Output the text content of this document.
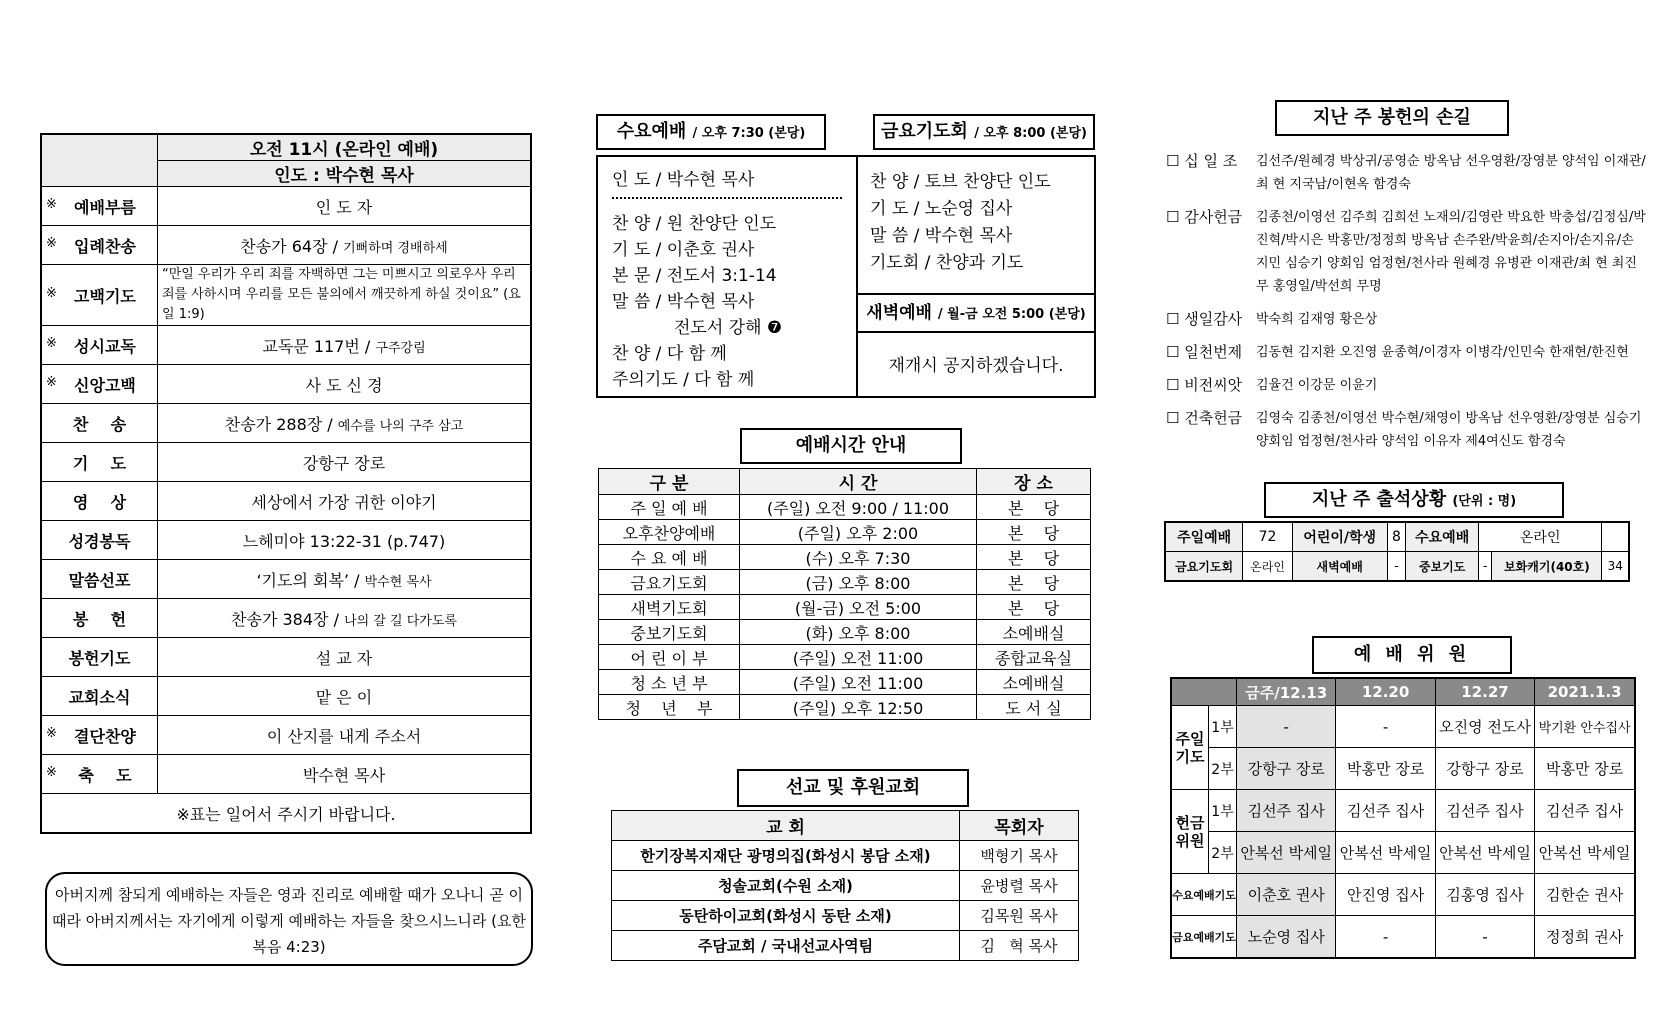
	오전 11시 (온라인 예배)
	인도 : 박수현 목사

※ 예배부름	인 도 자

※ 입례찬송	찬송가 64장 / 기뻐하며 경배하세

※ 고백기도	“만일 우리가 우리 죄를 자백하면 그는 미쁘시고 의로우사 우리 죄를 사하시며 우리를 모든 불의에서 깨끗하게 하실 것이요” (요일 1:9)

※ 성시교독	교독문 117번 / 구주강림

※ 신앙고백	사 도 신 경
찬    송	찬송가 288장 / 예수를 나의 구주 삼고
기    도	강항구 장로
영    상	세상에서 가장 귀한 이야기
성경봉독	느헤미야 13:22-31 (p.747)
말씀선포	‘기도의 회복’ / 박수현 목사
봉    헌	찬송가 384장 / 나의 갈 길 다가도록
봉헌기도	설 교 자
교회소식	맡 은 이

※ 결단찬양	이 산지를 내게 주소서

※ 축    도	박수현 목사
※표는 일어서 주시기 바랍니다.	
아버지께 참되게 예배하는 자들은 영과 진리로 예배할 때가 오나니 곧 이 때라 아버지께서는 자기에게 이렇게 예배하는 자들을 찾으시느니라 (요한복음 4:23)
수요예배 / 오후 7:30 (본당)	금요기도회 / 오후 8:00 (본당)
인 도 / 박수현 목사
찬 양 / 원 찬양단 인도
기 도 / 이춘호 권사
본 문 / 전도서 3:1-14
말 씀 / 박수현 목사
전도서 강해 ❼
찬 양 / 다 함 께
주의기도 / 다 함 께
찬 양 / 토브 찬양단 인도
기 도 / 노순영 집사
말 씀 / 박수현 목사
기도회 / 찬양과 기도
새벽예배 / 월-금 오전 5:00 (본당)
재개시 공지하겠습니다.
예배시간 안내
구 분	시 간	장 소
주 일 예 배	(주일) 오전 9:00 / 11:00	본    당
오후찬양예배	(주일) 오후 2:00	본    당
수 요 예 배	(수) 오후 7:30	본    당
금요기도회	(금) 오후 8:00	본    당
새벽기도회	(월-금) 오전 5:00	본    당
중보기도회	(화) 오후 8:00	소예배실
어 린 이 부	(주일) 오전 11:00	종합교육실
청 소 년 부	(주일) 오전 11:00	소예배실
청    년    부	(주일) 오후 12:50	도 서 실
선교 및 후원교회
교 회	목회자
한기장복지재단 광명의집(화성시 봉담 소재)	백형기 목사
청솔교회(수원 소재)	윤병렬 목사
동탄하이교회(화성시 동탄 소재)	김목원 목사
주담교회 / 국내선교사역팀	김   혁 목사
지난 주 봉헌의 손길
☐ 십 일 조	김선주/원혜경 박상귀/공영순 방옥남 선우영환/장영분 양석임 이재관/최 현 지국남/이현옥 함경숙
☐ 감사헌금	김종천/이영선 김주희 김희선 노재의/김영란 박요한 박충섭/김정심/박진혁/박시은 박홍만/정정희 방옥남 손주완/박윤희/손지아/손지유/손지민 심승기 양회임 엄정현/천사라 원혜경 유병관 이재관/최 현 최진무 홍영일/박선희 무명
☐ 생일감사	박숙희 김재영 황은상
☐ 일천번제	김동현 김지환 오진영 윤종혁/이경자 이병각/인민숙 한재현/한진현
☐ 비전씨앗	김율건 이강문 이윤기
☐ 건축헌금	김영숙 김종천/이영선 박수현/채영이 방옥남 선우영환/장영분 심승기 양회임 엄정현/천사라 양석임 이유자 제4여신도 함경숙
지난 주 출석상황 (단위 : 명)
주일예배	72	어린이/학생	8	수요예배	온라인		
금요기도회	온라인	새벽예배	-	중보기도	-	보화캐기(40호)	34
예 배 위 원
		금주/12.13	12.20	12.27	2021.1.3
주일
기도	1부	-	-	오진영 전도사	박기환 안수집사
	2부	강항구 장로	박홍만 장로	강항구 장로	박홍만 장로
헌금
위원	1부	김선주 집사	김선주 집사	김선주 집사	김선주 집사
	2부	안복선 박세일	안복선 박세일	안복선 박세일	안복선 박세일
수요예배기도		이춘호 권사	안진영 집사	김홍영 집사	김한순 권사
금요예배기도		노순영 집사	-	-	정정희 권사
